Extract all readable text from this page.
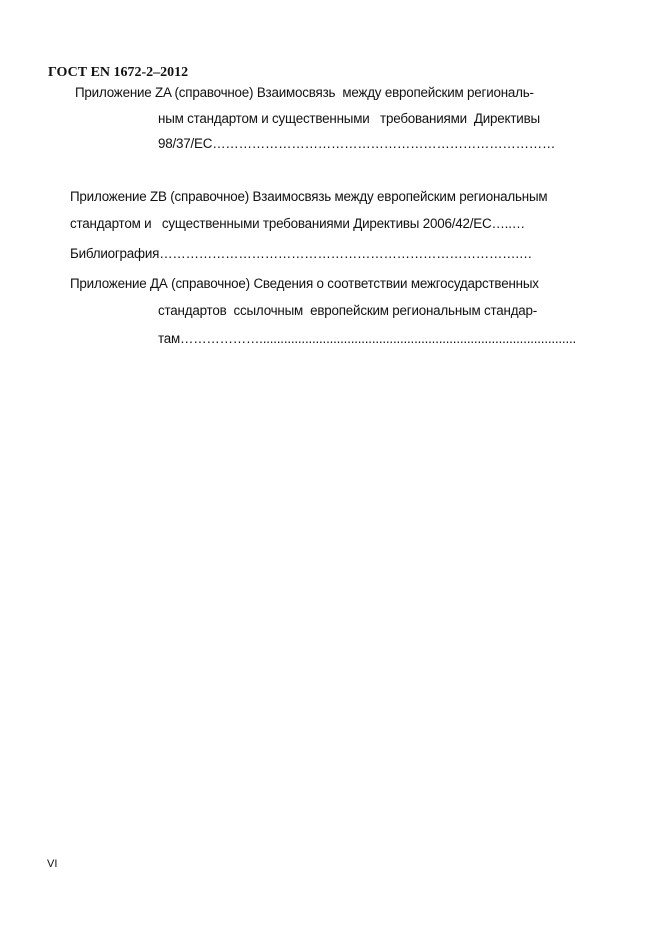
ГОСТ EN 1672-2–2012
Приложение ZA (справочное) Взаимосвязь  между европейским региональ-
ным стандартом и существенными   требованиями  Директивы
98/37/ЕС……………………………………………………………………
Приложение ZB (справочное) Взаимосвязь между европейским региональным
стандартом и   существенными требованиями Директивы 2006/42/ЕС…..…
Библиография……………………………………………………………………….…
Приложение ДА (справочное) Сведения о соответствии межгосударственных
стандартов  ссылочным  европейским региональным стандар-
там………………..........................................................................................
VI
